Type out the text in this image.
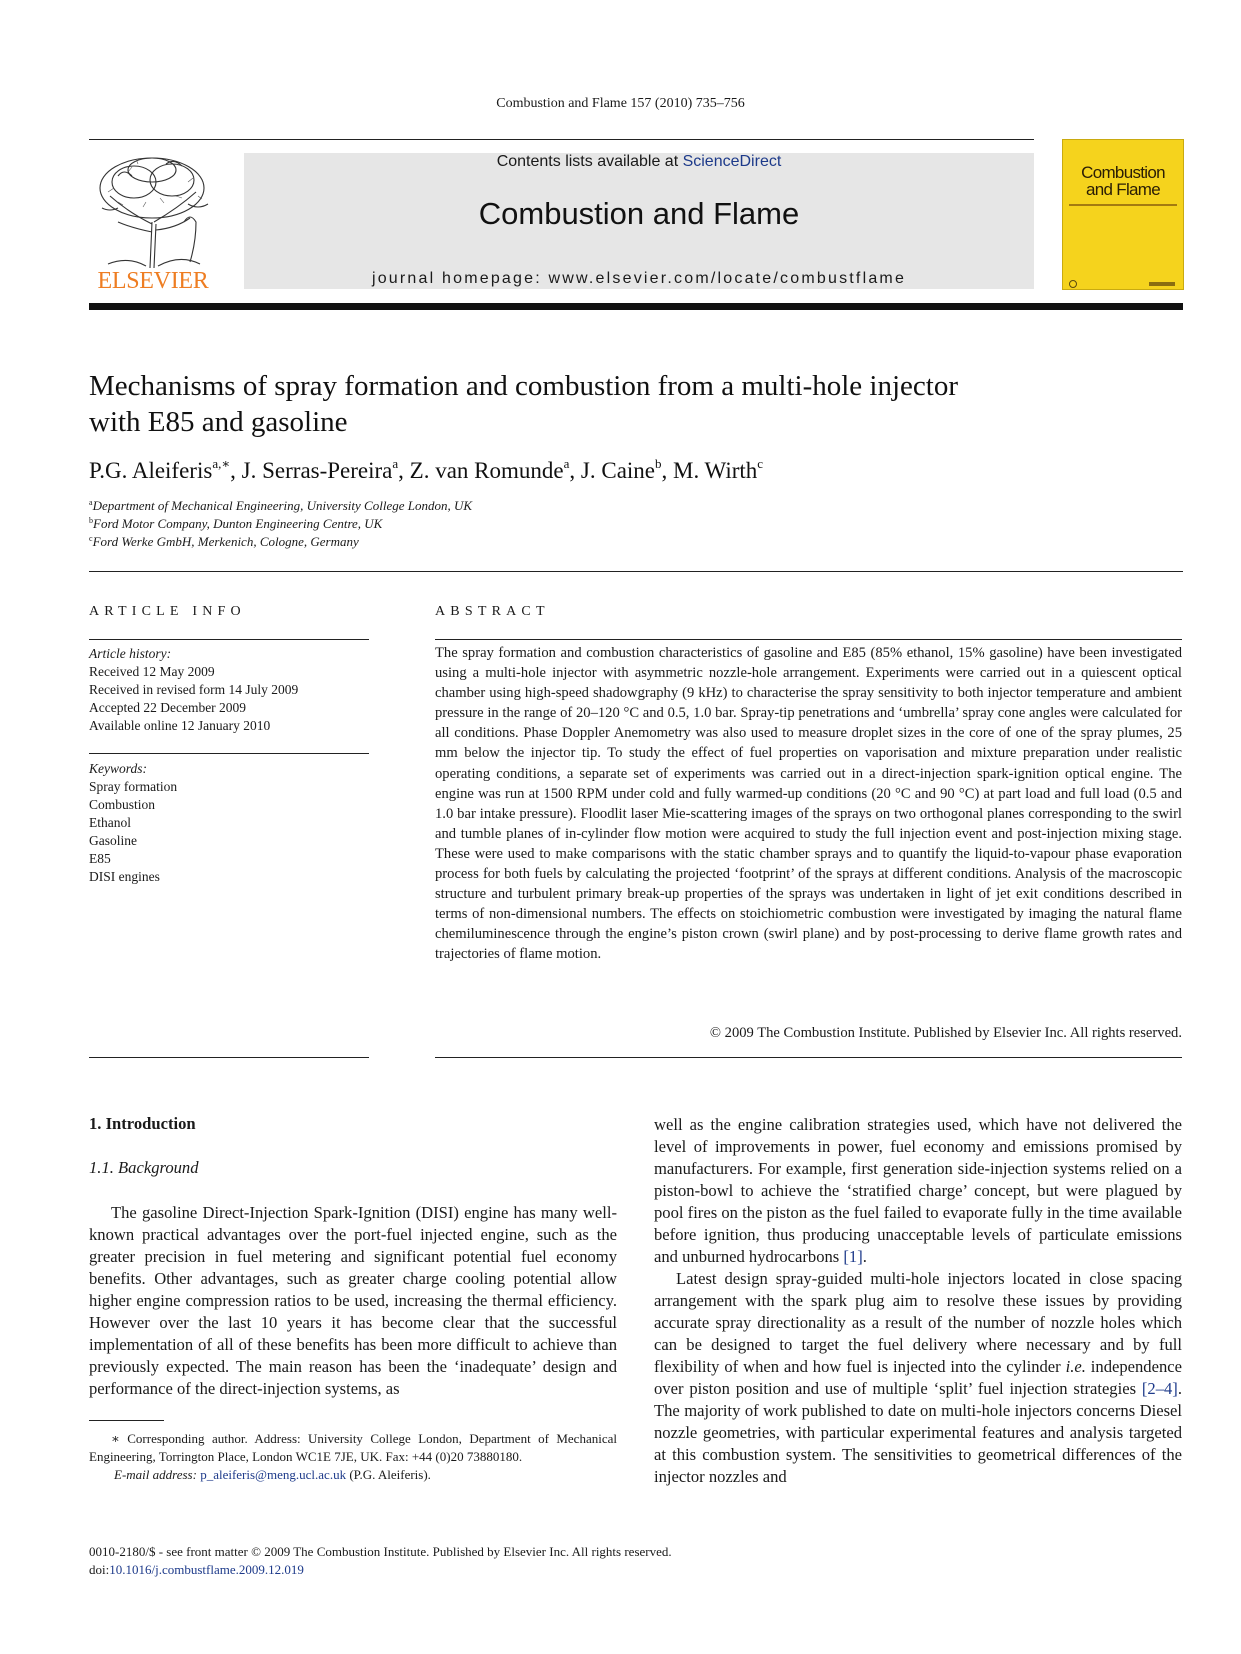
Combustion and Flame 157 (2010) 735–756
ELSEVIER
Contents lists available at ScienceDirect
Combustion and Flame
journal homepage: www.elsevier.com/locate/combustflame
Combustion
and Flame
Mechanisms of spray formation and combustion from a multi-hole injector
with E85 and gasoline
P.G. Aleiferis$^{a,∗}$, J. Serras-Pereira$^a$, Z. van Romunde$^a$, J. Caine$^b$, M. Wirth$^c$
$^a$Department of Mechanical Engineering, University College London, UK
$^b$Ford Motor Company, Dunton Engineering Centre, UK
$^c$Ford Werke GmbH, Merkenich, Cologne, Germany
ARTICLE INFO
Article history:
Received 12 May 2009
Received in revised form 14 July 2009
Accepted 22 December 2009
Available online 12 January 2010
Keywords:
Spray formation
Combustion
Ethanol
Gasoline
E85
DISI engines
ABSTRACT
The spray formation and combustion characteristics of gasoline and E85 (85% ethanol, 15% gasoline) have been investigated using a multi-hole injector with asymmetric nozzle-hole arrangement. Experiments were carried out in a quiescent optical chamber using high-speed shadowgraphy (9 kHz) to characterise the spray sensitivity to both injector temperature and ambient pressure in the range of 20–120 °C and 0.5, 1.0 bar. Spray-tip penetrations and ‘umbrella’ spray cone angles were calculated for all conditions. Phase Doppler Anemometry was also used to measure droplet sizes in the core of one of the spray plumes, 25 mm below the injector tip. To study the effect of fuel properties on vaporisation and mixture preparation under realistic operating conditions, a separate set of experiments was carried out in a direct-injection spark-ignition optical engine. The engine was run at 1500 RPM under cold and fully warmed-up conditions (20 °C and 90 °C) at part load and full load (0.5 and 1.0 bar intake pressure). Floodlit laser Mie-scattering images of the sprays on two orthogonal planes corresponding to the swirl and tumble planes of in-cylinder flow motion were acquired to study the full injection event and post-injection mixing stage. These were used to make comparisons with the static chamber sprays and to quantify the liquid-to-vapour phase evaporation process for both fuels by calculating the projected ‘footprint’ of the sprays at different conditions. Analysis of the macroscopic structure and turbulent primary break-up properties of the sprays was undertaken in light of jet exit conditions described in terms of non-dimensional numbers. The effects on stoichiometric combustion were investigated by imaging the natural flame chemiluminescence through the engine’s piston crown (swirl plane) and by post-processing to derive flame growth rates and trajectories of flame motion.
© 2009 The Combustion Institute. Published by Elsevier Inc. All rights reserved.
1. Introduction
1.1. Background

The gasoline Direct-Injection Spark-Ignition (DISI) engine has many well-known practical advantages over the port-fuel injected engine, such as the greater precision in fuel metering and significant potential fuel economy benefits. Other advantages, such as greater charge cooling potential allow higher engine compression ratios to be used, increasing the thermal efficiency. However over the last 10 years it has become clear that the successful implementation of all of these benefits has been more difficult to achieve than previously expected. The main reason has been the ‘inadequate’ design and performance of the direct-injection systems, as

∗ Corresponding author. Address: University College London, Department of Mechanical Engineering, Torrington Place, London WC1E 7JE, UK. Fax: +44 (0)20 73880180.
E-mail address: p_aleiferis@meng.ucl.ac.uk (P.G. Aleiferis).

well as the engine calibration strategies used, which have not delivered the level of improvements in power, fuel economy and emissions promised by manufacturers. For example, first generation side-injection systems relied on a piston-bowl to achieve the ‘stratified charge’ concept, but were plagued by pool fires on the piston as the fuel failed to evaporate fully in the time available before ignition, thus producing unacceptable levels of particulate emissions and unburned hydrocarbons [1].

Latest design spray-guided multi-hole injectors located in close spacing arrangement with the spark plug aim to resolve these issues by providing accurate spray directionality as a result of the number of nozzle holes which can be designed to target the fuel delivery where necessary and by full flexibility of when and how fuel is injected into the cylinder i.e. independence over piston position and use of multiple ‘split’ fuel injection strategies [2–4]. The majority of work published to date on multi-hole injectors concerns Diesel nozzle geometries, with particular experimental features and analysis targeted at this combustion system. The sensitivities to geometrical differences of the injector nozzles and

0010-2180/$ - see front matter © 2009 The Combustion Institute. Published by Elsevier Inc. All rights reserved.
doi:10.1016/j.combustflame.2009.12.019
